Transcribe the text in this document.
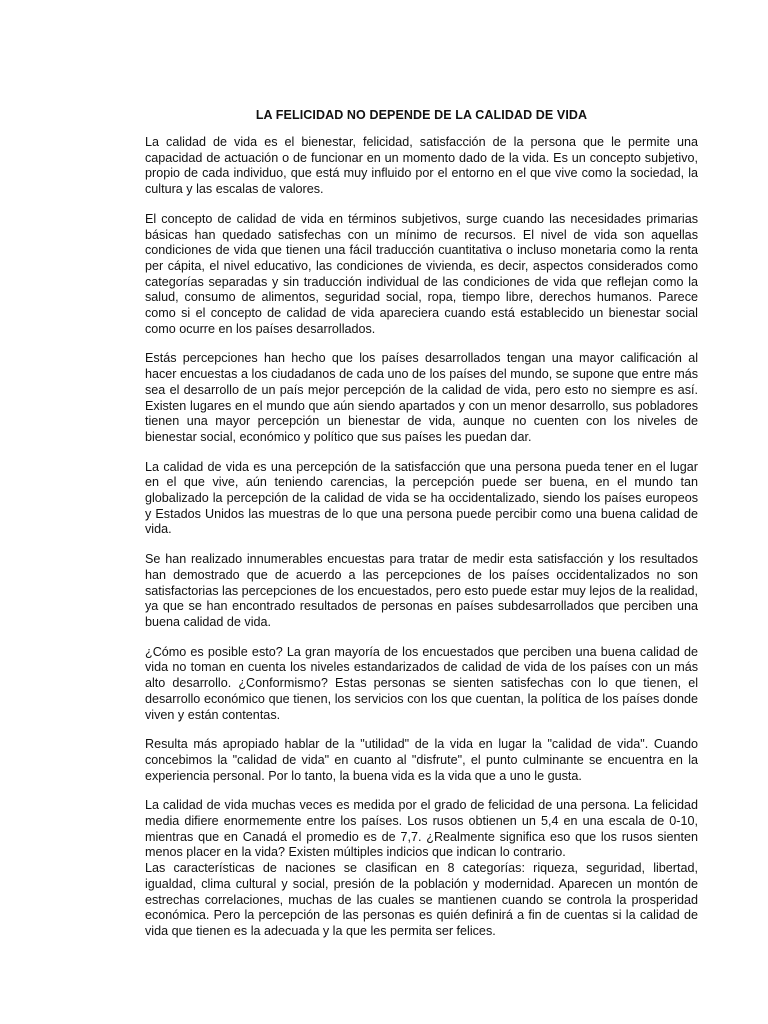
LA FELICIDAD NO DEPENDE DE LA CALIDAD DE VIDA

La calidad de vida es el bienestar, felicidad, satisfacción de la persona que le permite una capacidad de actuación o de funcionar en un momento dado de la vida. Es un concepto subjetivo, propio de cada individuo, que está muy influido por el entorno en el que vive como la sociedad, la cultura y las escalas de valores.

El concepto de calidad de vida en términos subjetivos, surge cuando las necesidades primarias básicas han quedado satisfechas con un mínimo de recursos. El nivel de vida son aquellas condiciones de vida que tienen una fácil traducción cuantitativa o incluso monetaria como la renta per cápita, el nivel educativo, las condiciones de vivienda, es decir, aspectos considerados como categorías separadas y sin traducción individual de las condiciones de vida que reflejan como la salud, consumo de alimentos, seguridad social, ropa, tiempo libre, derechos humanos. Parece como si el concepto de calidad de vida apareciera cuando está establecido un bienestar social como ocurre en los países desarrollados.

Estás percepciones han hecho que los países desarrollados tengan una mayor calificación al hacer encuestas a los ciudadanos de cada uno de los países del mundo, se supone que entre más sea el desarrollo de un país mejor percepción de la calidad de vida, pero esto no siempre es así. Existen lugares en el mundo que aún siendo apartados y con un menor desarrollo, sus pobladores tienen una mayor percepción un bienestar de vida, aunque no cuenten con los niveles de bienestar social, económico y político que sus países les puedan dar.

La calidad de vida es una percepción de la satisfacción que una persona pueda tener en el lugar en el que vive, aún teniendo carencias, la percepción puede ser buena, en el mundo tan globalizado la percepción de la calidad de vida se ha occidentalizado, siendo los países europeos y Estados Unidos las muestras de lo que una persona puede percibir como una buena calidad de vida.

Se han realizado innumerables encuestas para tratar de medir esta satisfacción y los resultados han demostrado que de acuerdo a las percepciones de los países occidentalizados no son satisfactorias las percepciones de los encuestados, pero esto puede estar muy lejos de la realidad, ya que se han encontrado resultados de personas en países subdesarrollados que perciben una buena calidad de vida.

¿Cómo es posible esto? La gran mayoría de los encuestados que perciben una buena calidad de vida no toman en cuenta los niveles estandarizados de calidad de vida de los países con un más alto desarrollo. ¿Conformismo? Estas personas se sienten satisfechas con lo que tienen, el desarrollo económico que tienen, los servicios con los que cuentan, la política de los países donde viven y están contentas.

Resulta más apropiado hablar de la "utilidad" de la vida en lugar la "calidad de vida". Cuando concebimos la "calidad de vida" en cuanto al "disfrute", el punto culminante se encuentra en la experiencia personal. Por lo tanto, la buena vida es la vida que a uno le gusta.

La calidad de vida muchas veces es medida por el grado de felicidad de una persona. La felicidad media difiere enormemente entre los países. Los rusos obtienen un 5,4 en una escala de 0-10, mientras que en Canadá el promedio es de 7,7. ¿Realmente significa eso que los rusos sienten menos placer en la vida? Existen múltiples indicios que indican lo contrario.

Las características de naciones se clasifican en 8 categorías: riqueza, seguridad, libertad, igualdad, clima cultural y social, presión de la población y modernidad. Aparecen un montón de estrechas correlaciones, muchas de las cuales se mantienen cuando se controla la prosperidad económica. Pero la percepción de las personas es quién definirá a fin de cuentas si la calidad de vida que tienen es la adecuada y la que les permita ser felices.
